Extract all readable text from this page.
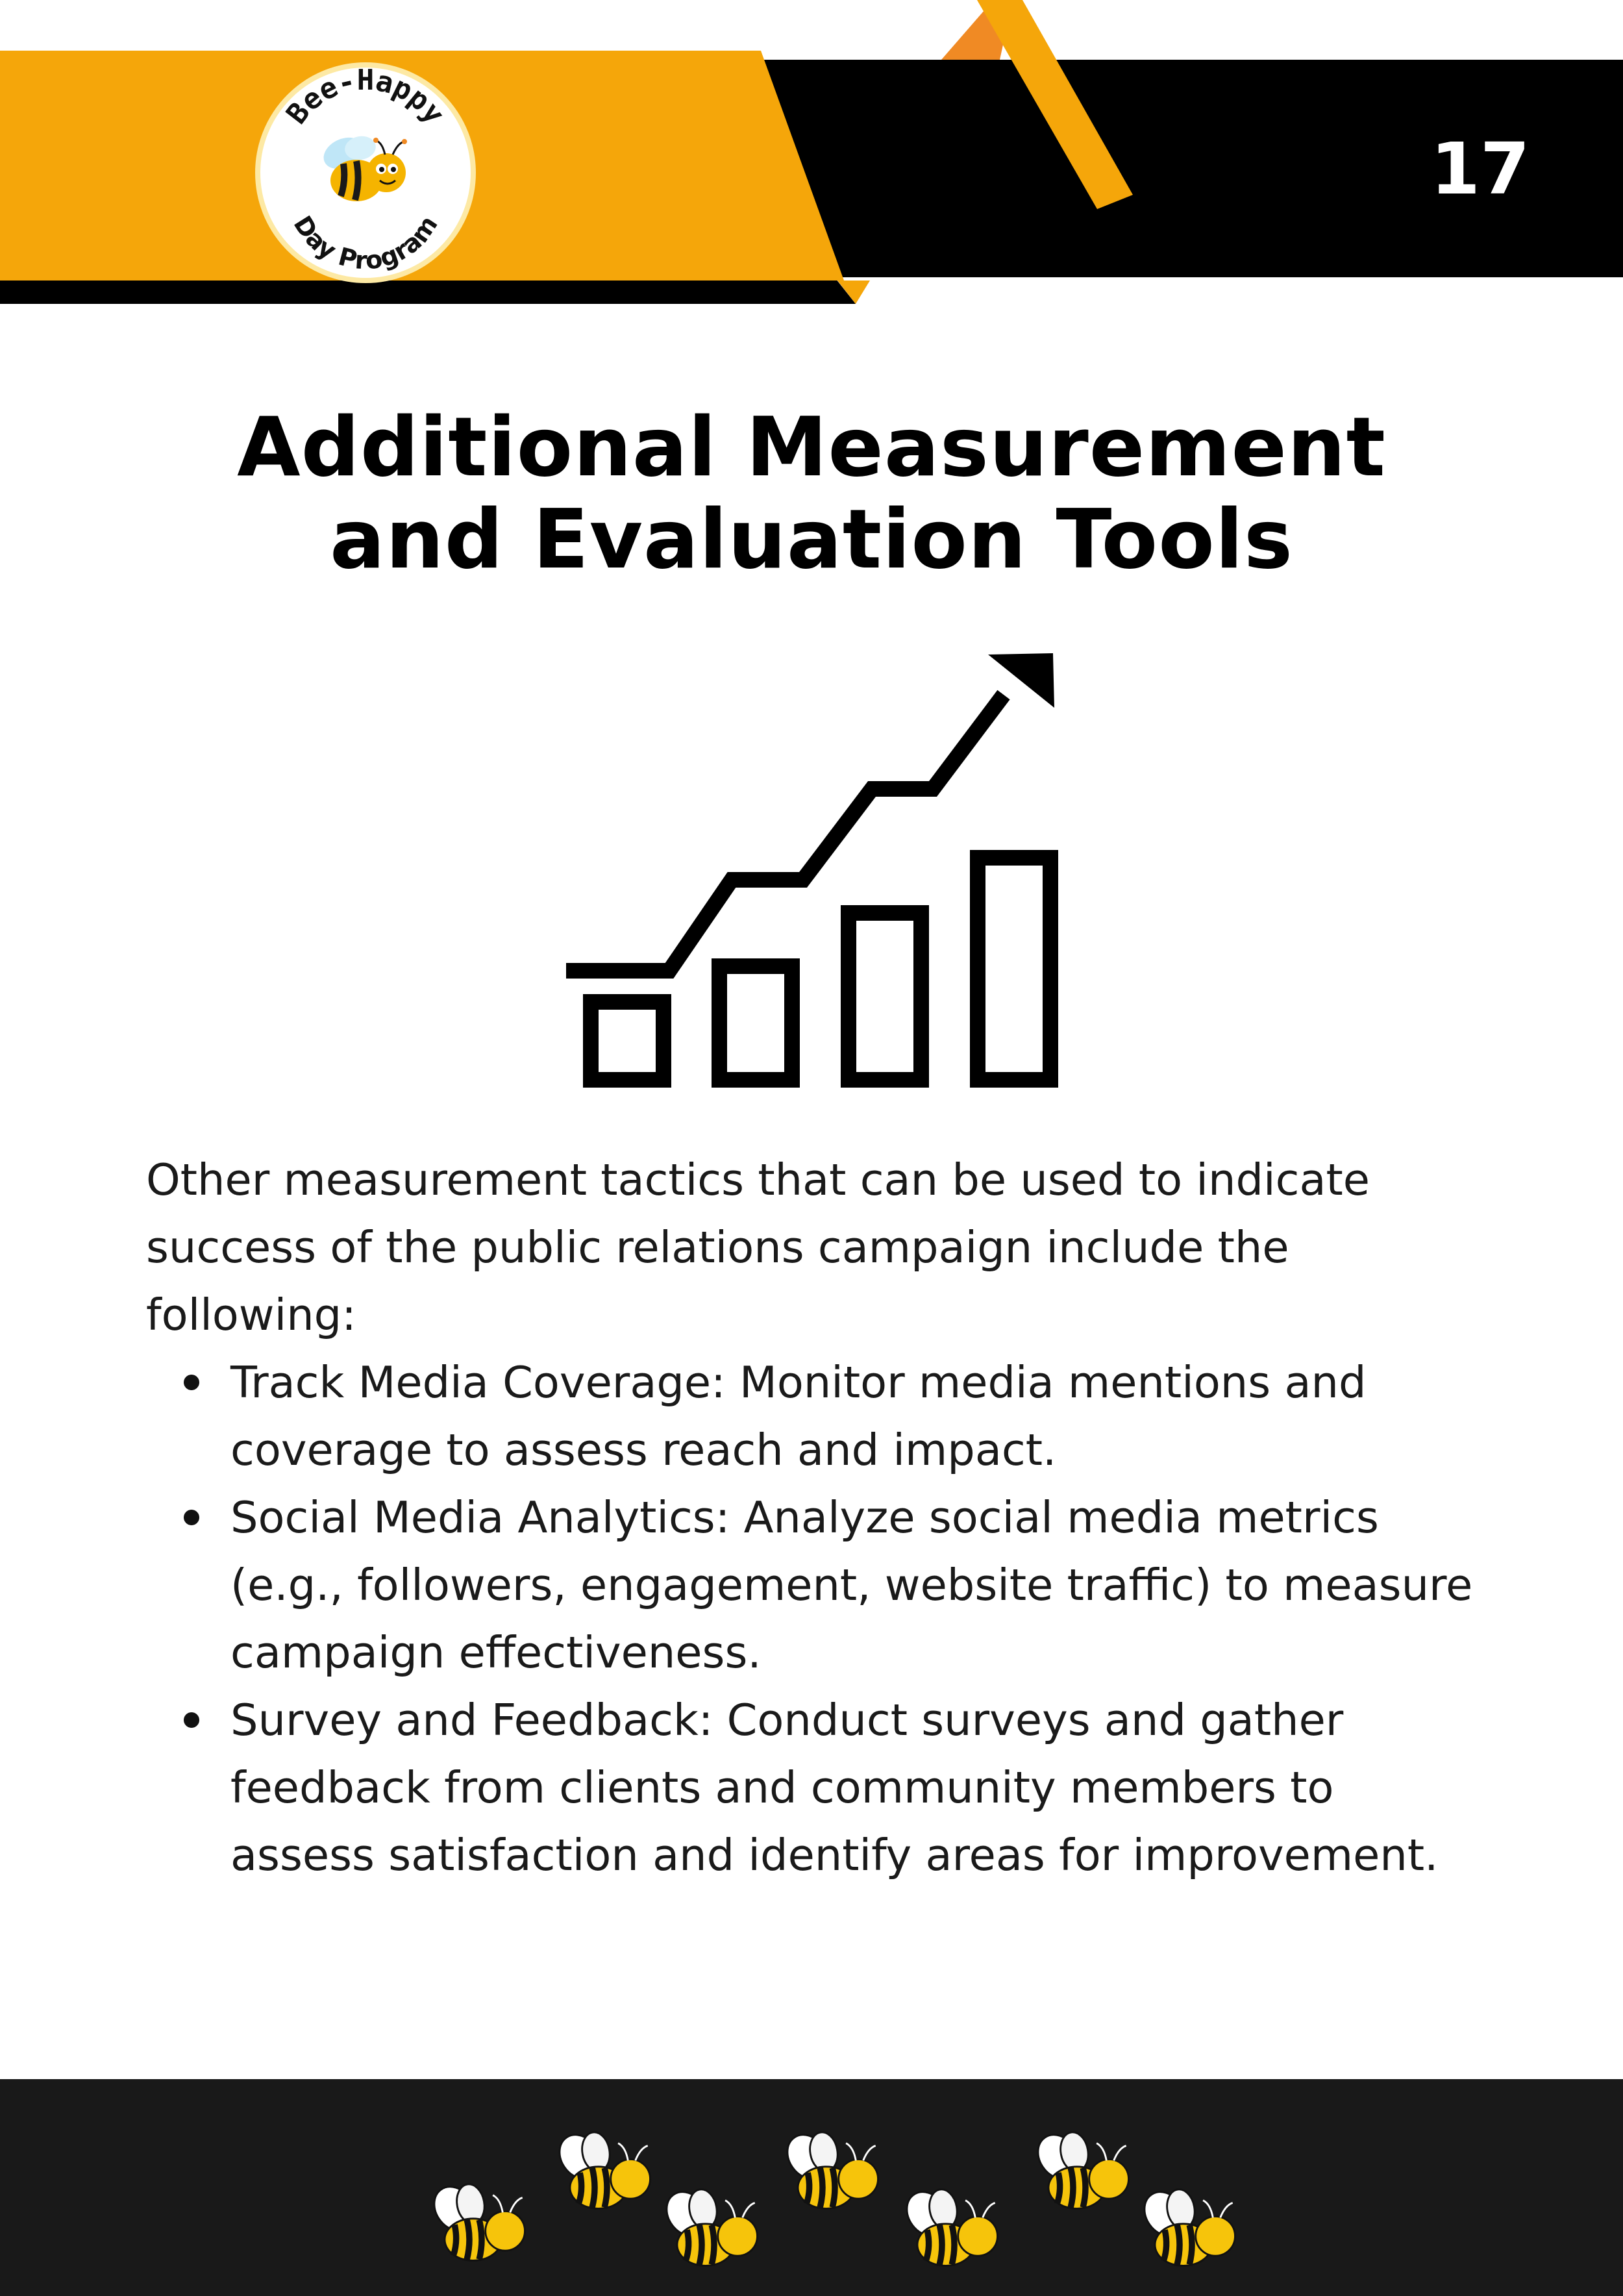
Bee-Happy
Day Program
17
Additional Measurement
and Evaluation Tools

Other measurement tactics that can be used to indicate
success of the public relations campaign include the
following:

Track Media Coverage: Monitor media mentions and
coverage to assess reach and impact.
Social Media Analytics: Analyze social media metrics
(e.g., followers, engagement, website traffic) to measure
campaign effectiveness.
Survey and Feedback: Conduct surveys and gather
feedback from clients and community members to
assess satisfaction and identify areas for improvement.
